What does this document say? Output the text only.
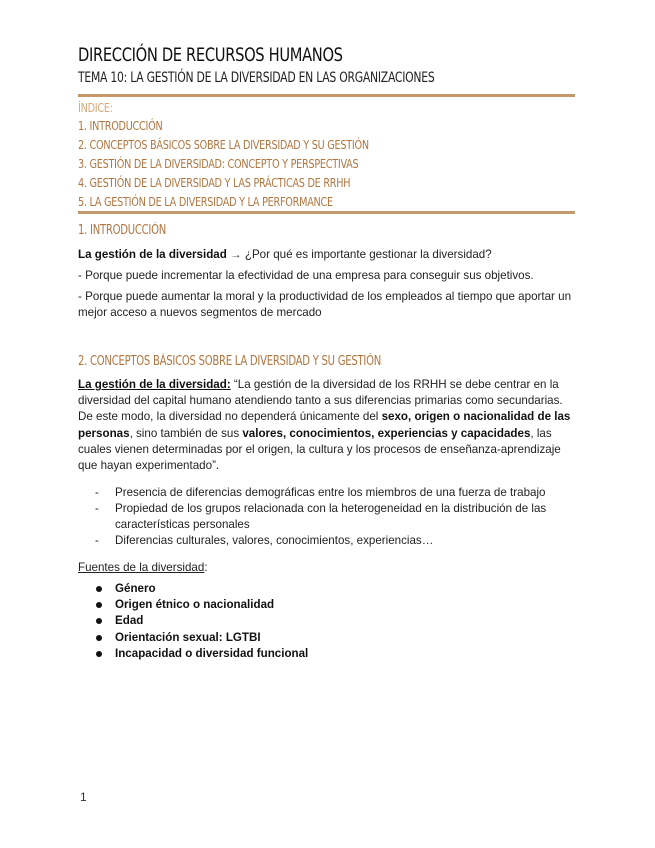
DIRECCIÓN DE RECURSOS HUMANOS
TEMA 10: LA GESTIÓN DE LA DIVERSIDAD EN LAS ORGANIZACIONES
ÍNDICE:
1. INTRODUCCIÓN
2. CONCEPTOS BÁSICOS SOBRE LA DIVERSIDAD Y SU GESTIÓN
3. GESTIÓN DE LA DIVERSIDAD: CONCEPTO Y PERSPECTIVAS
4. GESTIÓN DE LA DIVERSIDAD Y LAS PRÁCTICAS DE RRHH
5. LA GESTIÓN DE LA DIVERSIDAD Y LA PERFORMANCE
1. INTRODUCCIÓN
La gestión de la diversidad → ¿Por qué es importante gestionar la diversidad?
- Porque puede incrementar la efectividad de una empresa para conseguir sus objetivos.
- Porque puede aumentar la moral y la productividad de los empleados al tiempo que aportar un mejor acceso a nuevos segmentos de mercado
2. CONCEPTOS BÁSICOS SOBRE LA DIVERSIDAD Y SU GESTIÓN
La gestión de la diversidad: “La gestión de la diversidad de los RRHH se debe centrar en la diversidad del capital humano atendiendo tanto a sus diferencias primarias como secundarias. De este modo, la diversidad no dependerá únicamente del sexo, origen o nacionalidad de las personas, sino también de sus valores, conocimientos, experiencias y capacidades, las cuales vienen determinadas por el origen, la cultura y los procesos de enseñanza-aprendizaje que hayan experimentado”.
- Presencia de diferencias demográficas entre los miembros de una fuerza de trabajo
- Propiedad de los grupos relacionada con la heterogeneidad en la distribución de las características personales
- Diferencias culturales, valores, conocimientos, experiencias…
Fuentes de la diversidad:
Género
Origen étnico o nacionalidad
Edad
Orientación sexual: LGTBI
Incapacidad o diversidad funcional
1
